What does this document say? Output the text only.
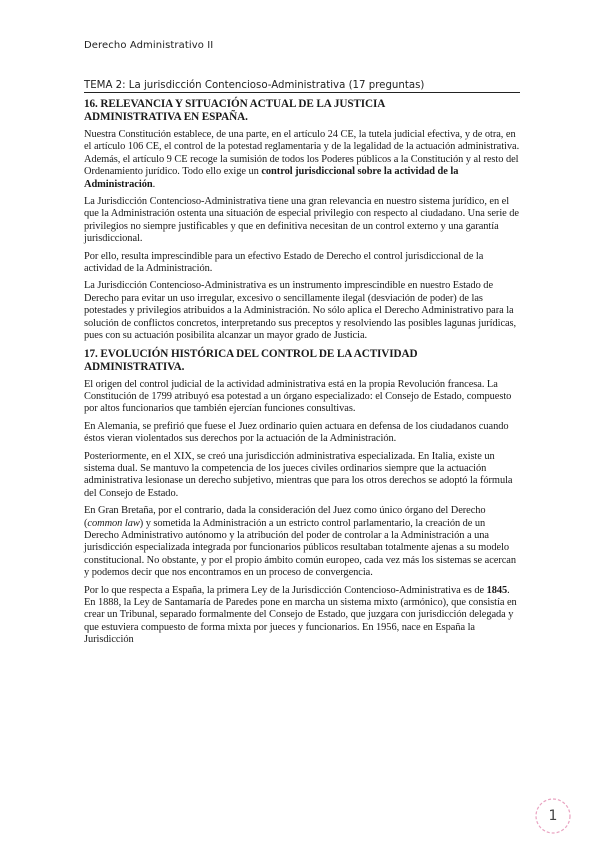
Derecho Administrativo II
TEMA 2: La jurisdicción Contencioso-Administrativa (17 preguntas)
16. RELEVANCIA Y SITUACIÓN ACTUAL DE LA JUSTICIA
ADMINISTRATIVA EN ESPAÑA.

Nuestra Constitución establece, de una parte, en el artículo 24 CE, la tutela judicial efectiva, y de otra, en el artículo 106 CE, el control de la potestad reglamentaria y de la legalidad de la actuación administrativa. Además, el artículo 9 CE recoge la sumisión de todos los Poderes públicos a la Constitución y al resto del Ordenamiento jurídico. Todo ello exige un control jurisdiccional sobre la actividad de la Administración.

La Jurisdicción Contencioso-Administrativa tiene una gran relevancia en nuestro sistema jurídico, en el que la Administración ostenta una situación de especial privilegio con respecto al ciudadano. Una serie de privilegios no siempre justificables y que en definitiva necesitan de un control externo y una garantía jurisdiccional.

Por ello, resulta imprescindible para un efectivo Estado de Derecho el control jurisdiccional de la actividad de la Administración.

La Jurisdicción Contencioso-Administrativa es un instrumento imprescindible en nuestro Estado de Derecho para evitar un uso irregular, excesivo o sencillamente ilegal (desviación de poder) de las potestades y privilegios atribuidos a la Administración. No sólo aplica el Derecho Administrativo para la solución de conflictos concretos, interpretando sus preceptos y resolviendo las posibles lagunas jurídicas, pues con su actuación posibilita alcanzar un mayor grado de Justicia.

17. EVOLUCIÓN HISTÓRICA DEL CONTROL DE LA ACTIVIDAD
ADMINISTRATIVA.

El origen del control judicial de la actividad administrativa está en la propia Revolución francesa. La Constitución de 1799 atribuyó esa potestad a un órgano especializado: el Consejo de Estado, compuesto por altos funcionarios que también ejercían funciones consultivas.

En Alemania, se prefirió que fuese el Juez ordinario quien actuara en defensa de los ciudadanos cuando éstos vieran violentados sus derechos por la actuación de la Administración.

Posteriormente, en el XIX, se creó una jurisdicción administrativa especializada. En Italia, existe un sistema dual. Se mantuvo la competencia de los jueces civiles ordinarios siempre que la actuación administrativa lesionase un derecho subjetivo, mientras que para los otros derechos se adoptó la fórmula del Consejo de Estado.

En Gran Bretaña, por el contrario, dada la consideración del Juez como único órgano del Derecho (common law) y sometida la Administración a un estricto control parlamentario, la creación de un Derecho Administrativo autónomo y la atribución del poder de controlar a la Administración a una jurisdicción especializada integrada por funcionarios públicos resultaban totalmente ajenas a su modelo constitucional. No obstante, y por el propio ámbito común europeo, cada vez más los sistemas se acercan y podemos decir que nos encontramos en un proceso de convergencia.

Por lo que respecta a España, la primera Ley de la Jurisdicción Contencioso-Administrativa es de 1845. En 1888, la Ley de Santamaría de Paredes pone en marcha un sistema mixto (armónico), que consistía en crear un Tribunal, separado formalmente del Consejo de Estado, que juzgara con jurisdicción delegada y que estuviera compuesto de forma mixta por jueces y funcionarios. En 1956, nace en España la Jurisdicción

1
